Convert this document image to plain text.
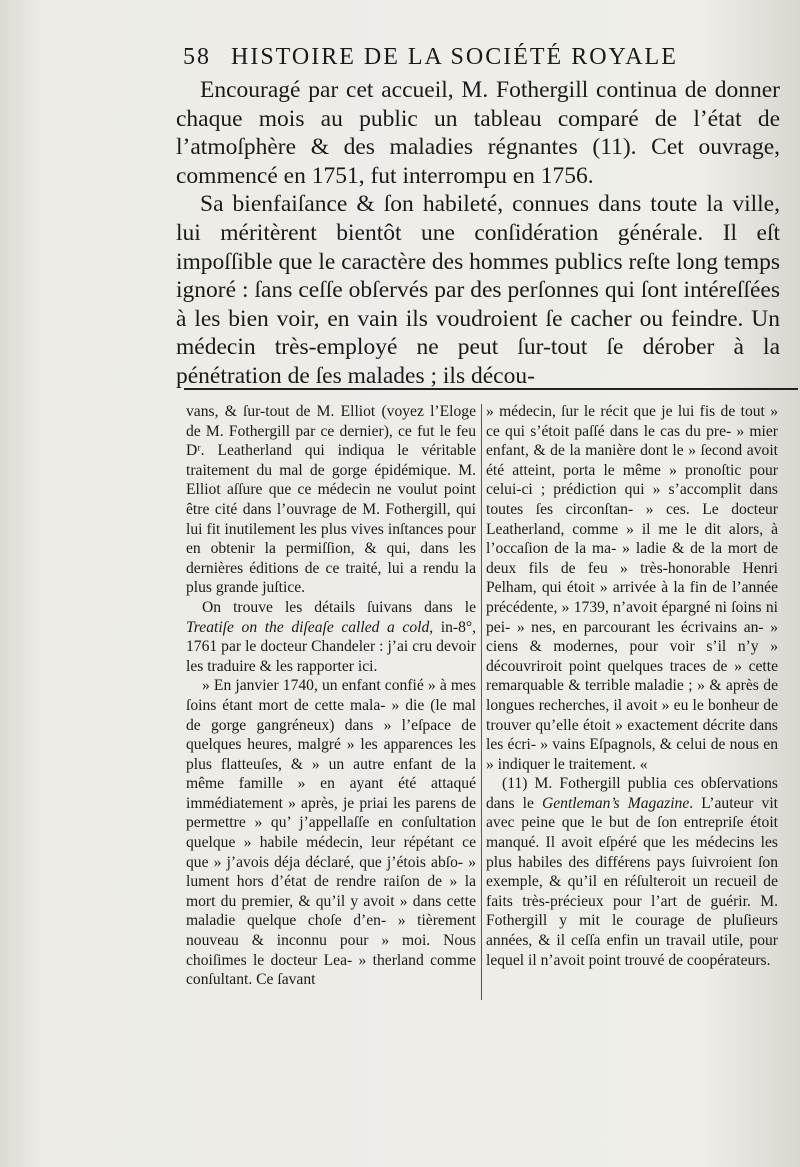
58 HISTOIRE DE LA SOCIÉTÉ ROYALE

Encouragé par cet accueil, M. Fothergill continua de donner chaque mois au public un tableau comparé de l’état de l’atmoſphère & des maladies régnantes (11). Cet ouvrage, commencé en 1751, fut interrompu en 1756.

Sa bienfaiſance & ſon habileté, connues dans toute la ville, lui méritèrent bientôt une conſidération générale. Il eſt impoſſible que le caractère des hommes publics reſte long temps ignoré : ſans ceſſe obſervés par des perſonnes qui ſont intéreſſées à les bien voir, en vain ils voudroient ſe cacher ou feindre. Un médecin très-employé ne peut ſur-tout ſe dérober à la pénétration de ſes malades ; ils décou-

vans, & ſur-tout de M. Elliot (voyez l’Eloge de M. Fothergill par ce dernier), ce fut le feu Dʳ. Leatherland qui indiqua le véritable traitement du mal de gorge épidémique. M. Elliot aſſure que ce médecin ne voulut point être cité dans l’ouvrage de M. Fothergill, qui lui fit inutilement les plus vives inſtances pour en obtenir la permiſſion, & qui, dans les dernières éditions de ce traité, lui a rendu la plus grande juſtice.

On trouve les détails ſuivans dans le Treatiſe on the diſeaſe called a cold, in-8°, 1761 par le docteur Chandeler : j’ai cru devoir les traduire & les rapporter ici.

» En janvier 1740, un enfant confié » à mes ſoins étant mort de cette mala- » die (le mal de gorge gangréneux) dans » l’eſpace de quelques heures, malgré » les apparences les plus flatteuſes, & » un autre enfant de la même famille » en ayant été attaqué immédiatement » après, je priai les parens de permettre » qu’ j’appellaſſe en conſultation quelque » habile médecin, leur répétant ce que » j’avois déja déclaré, que j’étois abſo- » lument hors d’état de rendre raiſon de » la mort du premier, & qu’il y avoit » dans cette maladie quelque choſe d’en- » tièrement nouveau & inconnu pour » moi. Nous choiſimes le docteur Lea- » therland comme conſultant. Ce ſavant

» médecin, ſur le récit que je lui fis de tout » ce qui s’étoit paſſé dans le cas du pre- » mier enfant, & de la manière dont le » ſecond avoit été atteint, porta le même » pronoſtic pour celui-ci ; prédiction qui » s’accomplit dans toutes ſes circonſtan- » ces. Le docteur Leatherland, comme » il me le dit alors, à l’occaſion de la ma- » ladie & de la mort de deux fils de feu » très-honorable Henri Pelham, qui étoit » arrivée à la fin de l’année précédente, » 1739, n’avoit épargné ni ſoins ni pei- » nes, en parcourant les écrivains an- » ciens & modernes, pour voir s’il n’y » découvriroit point quelques traces de » cette remarquable & terrible maladie ; » & après de longues recherches, il avoit » eu le bonheur de trouver qu’elle étoit » exactement décrite dans les écri- » vains Eſpagnols, & celui de nous en » indiquer le traitement. «

(11) M. Fothergill publia ces obſervations dans le Gentleman’s Magazine. L’auteur vit avec peine que le but de ſon entrepriſe étoit manqué. Il avoit eſpéré que les médecins les plus habiles des différens pays ſuivroient ſon exemple, & qu’il en réſulteroit un recueil de faits très-précieux pour l’art de guérir. M. Fothergill y mit le courage de pluſieurs années, & il ceſſa enfin un travail utile, pour lequel il n’avoit point trouvé de coopérateurs.
